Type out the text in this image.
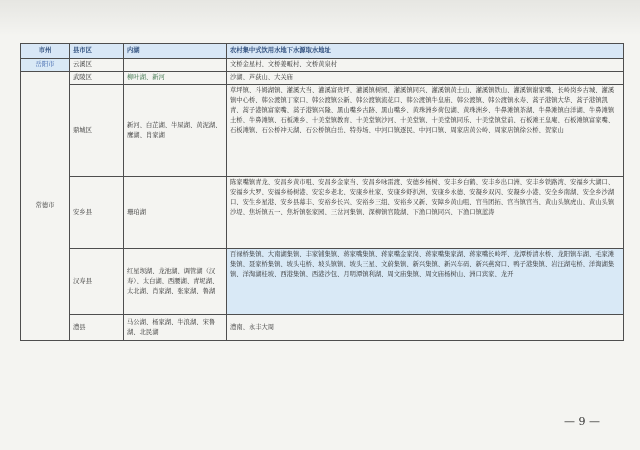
市州	县市区	内湖	农村集中式饮用水地下水源取水地址
岳阳市	云溪区		文桥金星村、文桥姜畈村、文桥黄泉村
常德市	武陵区	柳叶湖、新河	沙湖、芦荻山、大关庙
	鼎城区	新河、白芷湖、牛屎湖、黄泥湖、鹰湖、肖家湖	草坪镇、斗姆湖镇、灌溪大当、灌溪富贵坪、灌溪镇树园、灌溪镇同兴、灌溪镇黄土山、灌溪镇铁山、灌溪镇谢家嘴、长岭岗乡古城、灌溪镇中心桥、韩公渡镇丁家口、韩公渡镇公新、韩公渡镇流花口、韩公渡镇牛皇庙、韩公渡镇、韩公渡镇永寿、蒿子港镇大华、蒿子港镇凯青、蒿子港镇富家嘴、蒿子港镇兴隆、黑山嘴乡古跡、黑山嘴乡、黄珠洲乡荷包湖、黄珠洲乡、牛鼻滩镇茶湖、牛鼻滩镇白洋湖、牛鼻滩镇土桥、牛鼻滩镇、石板滩乡、十美堂镇教育、十美堂镇沙河、十美堂镇、十美堂镇同乐、十美堂镇堂前、石板滩王皇庵、石板滩镇富家嘴、石板滩镇、石公桥冲天湖、石公桥镇白岳、特券场、中河口镇逐民、中河口镇、周家店黄公岭、周家店镇徐公桥、贺家山
	安乡县	珊珀湖	陈家嘴镇青龙、安昌乡黄市咀、安昌乡金家当、安昌乡咏雷渡、安德乡杨树、安丰乡白鹤、安丰乡出口洲、安丰乡铁路湾、安福乡大湖口、安福乡大罗、安福乡杨树港、安宏乡老北、安康乡杜家、安康乡虾扒洲、安康乡永德、安凝乡双闪、安凝乡小港、安全乡南湖、安全乡沙湖口、安生乡星港、安乡县幕丰、安裕乡长兴、安裕乡三组、安裕乡又新、安障乡黄山咀、官当团拓、官当镇官当、黄山头镇虎山、黄山头镇沙堤、焦圻镇五一、焦圻镇张家园、三岔河集镇、深柳镇官陵湖、下渔口镇同兴、下渔口镇蓝涛
	汉寿县	红星坝湖、龙池湖、调管湖（汉寿）、太白湖、西腰湖、青坭湖、太北湖、肖家湖、张家湖、鲁湖	百禄桥集镇、大南湖集镇、丰家铺集镇、蒋家嘴集镇、蒋家嘴金家岗、蒋家嘴集家湖、蒋家嘴长岭坪、龙潭桥清水桥、龙阳镇车湖、毛家滩集镇、聂家桥集镇、坡头屯桥、坡头镇镇、坡头三星、文蔚集镇、新兴集镇、新兴车码、新兴燕窝口、鸭子港集镇、岩汪湖屯桥、洋淘湖集镇、洋淘湖桂坡、西港集镇、西港沙包、月明潭镇利湖、周文庙集镇、周文庙杨树山、洲口宾家、龙开
	澧县	马公湖、杨家湖、牛浪湖、宋鲁湖、北民湖	澧南、永丰大周
— 9 —
